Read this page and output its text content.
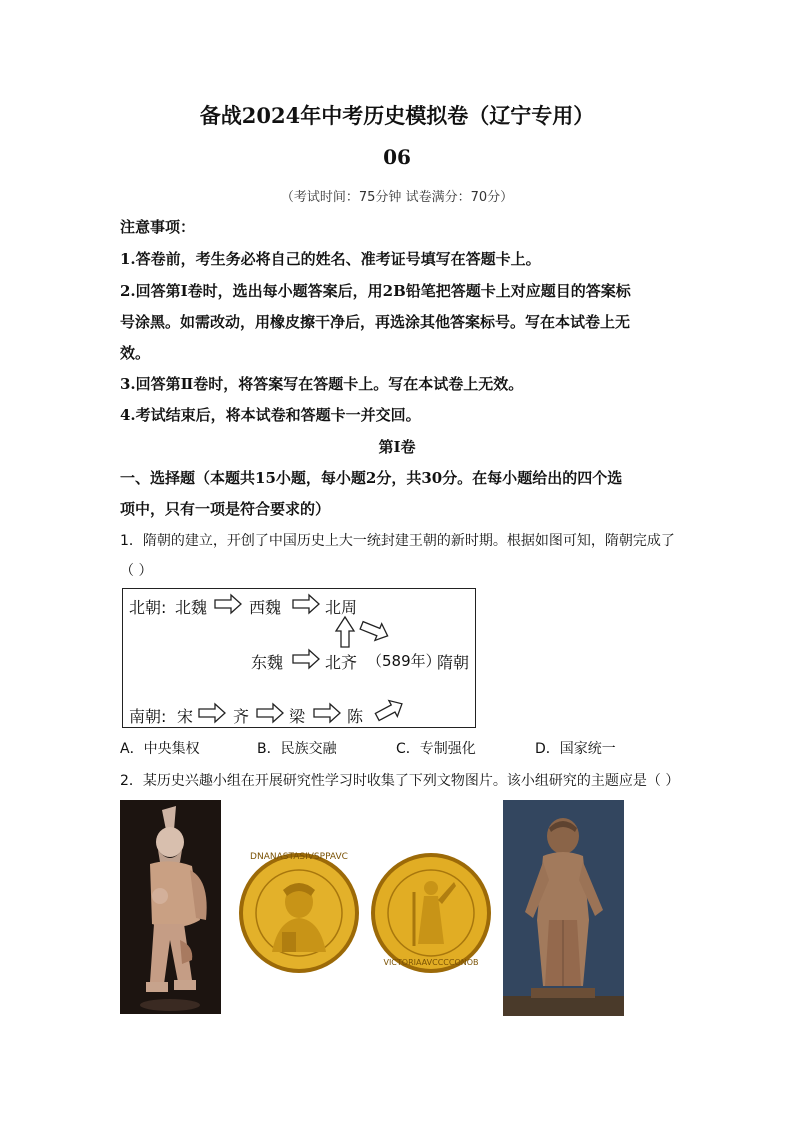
备战2024年中考历史模拟卷（辽宁专用）
06
（考试时间：75分钟 试卷满分：70分）
注意事项：
1.答卷前，考生务必将自己的姓名、准考证号填写在答题卡上。
2.回答第Ⅰ卷时，选出每小题答案后，用2B铅笔把答题卡上对应题目的答案标
号涂黑。如需改动，用橡皮擦干净后，再选涂其他答案标号。写在本试卷上无
效。
3.回答第Ⅱ卷时，将答案写在答题卡上。写在本试卷上无效。
4.考试结束后，将本试卷和答题卡一并交回。
第Ⅰ卷
一、选择题（本题共15小题，每小题2分，共30分。在每小题给出的四个选
项中，只有一项是符合要求的）
1．隋朝的建立，开创了中国历史上大一统封建王朝的新时期。根据如图可知，隋朝完成了
（ ）
北朝: 北魏	西魏	北周
东魏	北齐 （589年）
隋朝
南朝: 宋 齐 梁	陈
A．中央集权	B．民族交融	C．专制强化	D．国家统一
2．某历史兴趣小组在开展研究性学习时收集了下列文物图片。该小组研究的主题应是（ ）
DNANASTASIVSPPAVC
VICTORIAAVCCCCONOB
